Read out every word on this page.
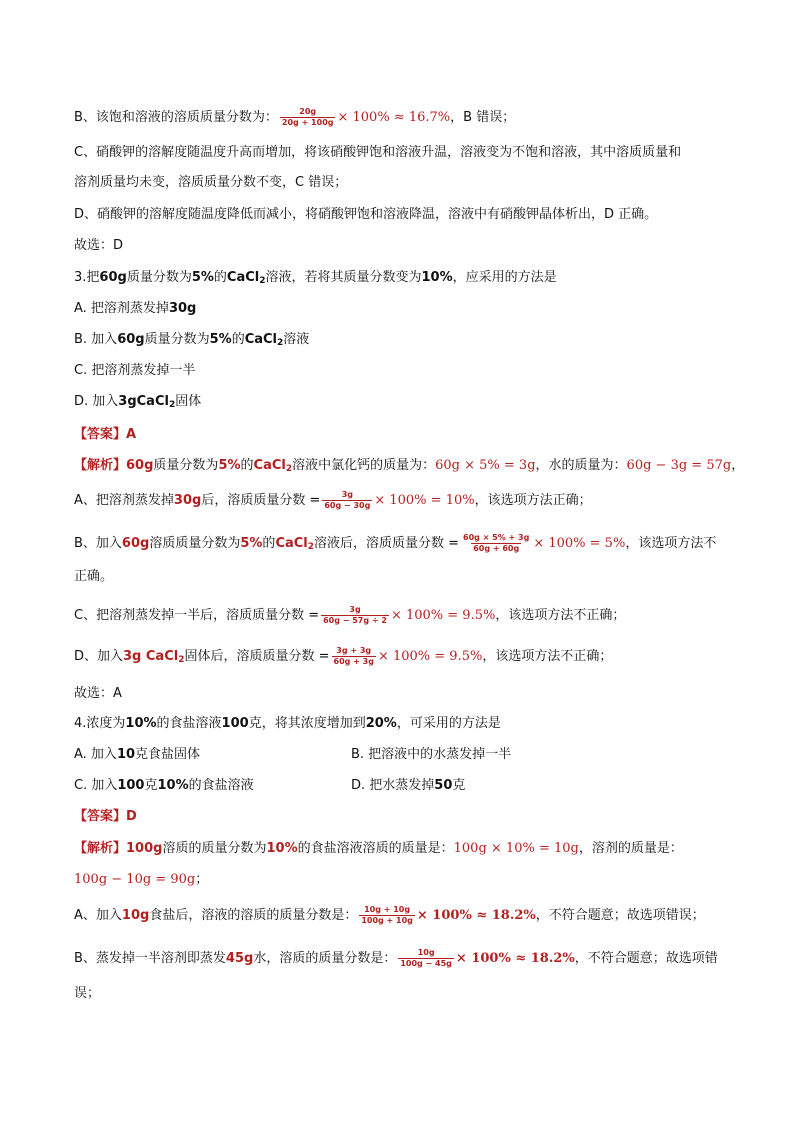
B、该饱和溶液的溶质质量分数为： $\frac{20g}{20g + 100g} \times 100\% \approx 16.7\%$，B 错误；
C、硝酸钾的溶解度随温度升高而增加，将该硝酸钾饱和溶液升温，溶液变为不饱和溶液，其中溶质质量和
溶剂质量均未变，溶质质量分数不变，C 错误；
D、硝酸钾的溶解度随温度降低而减小，将硝酸钾饱和溶液降温，溶液中有硝酸钾晶体析出，D 正确。
故选：D
3.把60g质量分数为5%的CaCl$_2$溶液，若将其质量分数变为10%，应采用的方法是
A. 把溶剂蒸发掉30g
B. 加入60g质量分数为5%的CaCl$_2$溶液
C. 把溶剂蒸发掉一半
D. 加入3gCaCl$_2$固体
【答案】A
【解析】60g质量分数为5%的CaCl$_2$溶液中氯化钙的质量为：60g × 5% = 3g，水的质量为：60g − 3g = 57g，
A、把溶剂蒸发掉30g后，溶质质量分数 = $\frac{3g}{60g - 30g} \times 100\% = 10\%$，该选项方法正确；
B、加入60g溶质质量分数为5%的CaCl$_2$溶液后，溶质质量分数 = $\frac{60g \times 5\% + 3g}{60g + 60g} \times 100\% = 5\%$，该选项方法不
正确。
C、把溶剂蒸发掉一半后，溶质质量分数 = $\frac{3g}{60g - 57g \div 2} \times 100\% = 9.5\%$，该选项方法不正确；
D、加入3g CaCl$_2$固体后，溶质质量分数 = $\frac{3g + 3g}{60g + 3g} \times 100\% = 9.5\%$，该选项方法不正确；
故选：A
4.浓度为10%的食盐溶液100克，将其浓度增加到20%，可采用的方法是
A. 加入10克食盐固体	B. 把溶液中的水蒸发掉一半
C. 加入100克10%的食盐溶液	D. 把水蒸发掉50克
【答案】D
【解析】100g溶质的质量分数为10%的食盐溶液溶质的质量是：100g × 10% = 10g，溶剂的质量是：
100g − 10g = 90g；
A、加入10g食盐后，溶液的溶质的质量分数是： $\frac{10g + 10g}{100g + 10g} \times 100\% \approx 18.2\%$，不符合题意；故选项错误；
B、蒸发掉一半溶剂即蒸发45g水，溶质的质量分数是： $\frac{10g}{100g - 45g} \times 100\% \approx 18.2\%$，不符合题意；故选项错
误；
